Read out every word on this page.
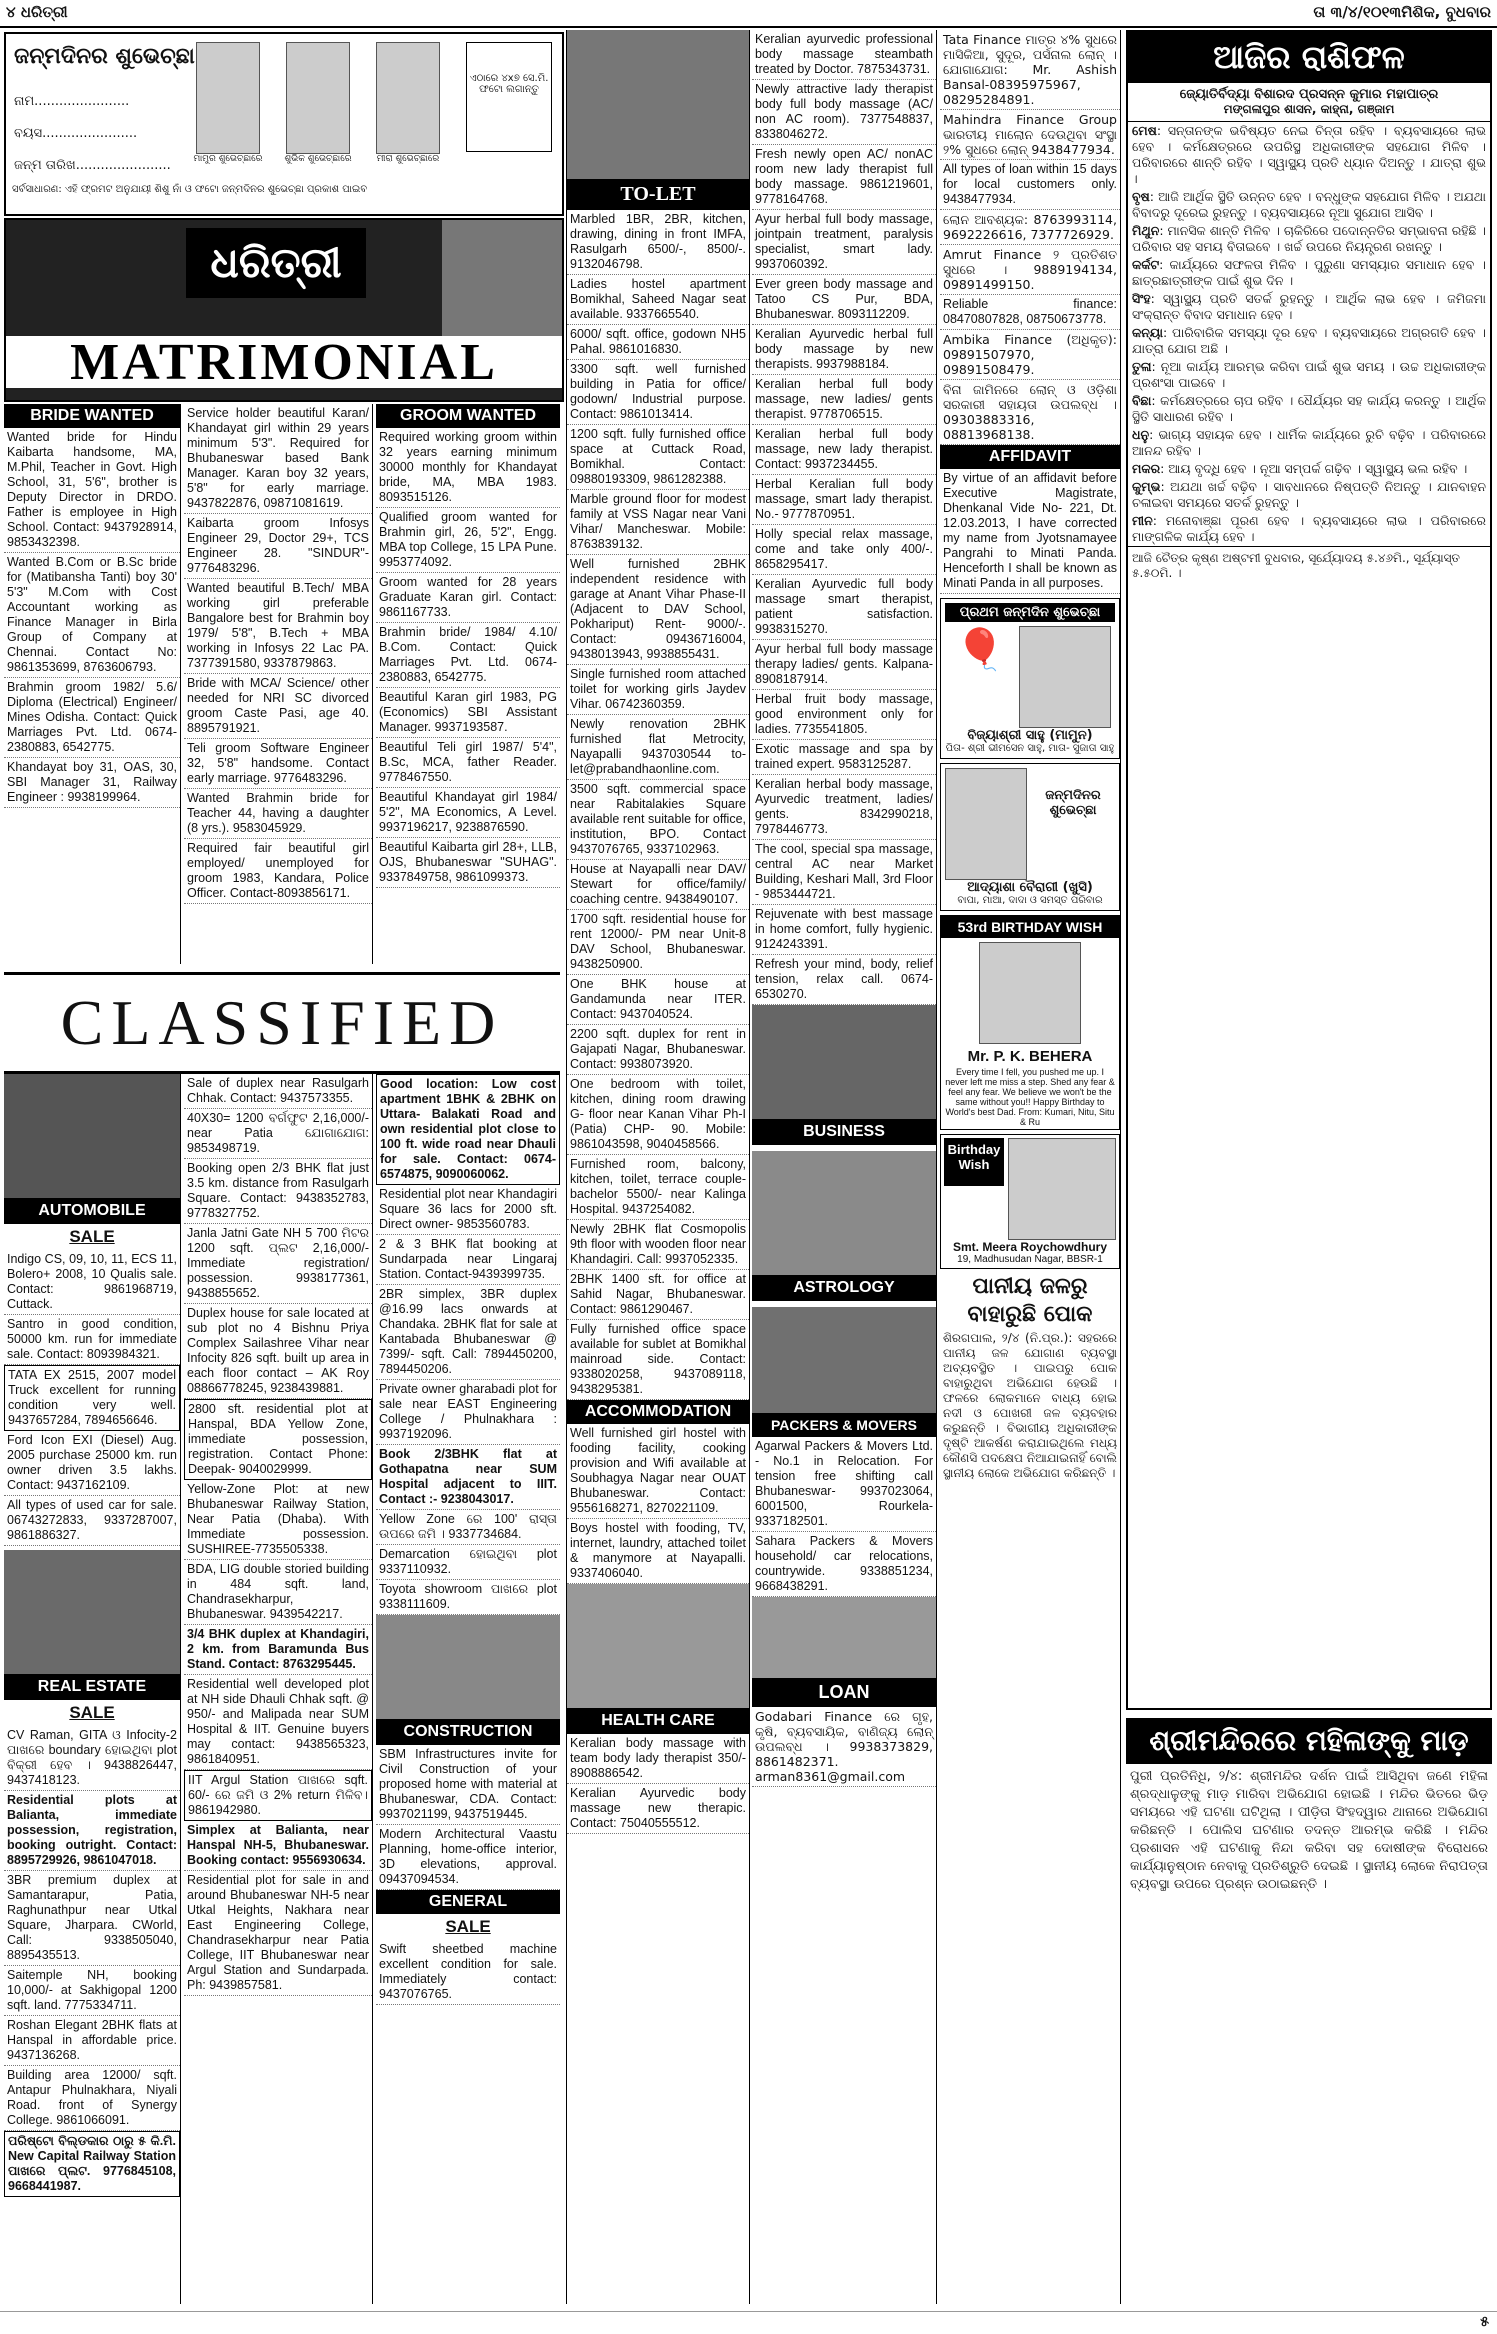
୪ ଧରିତ୍ରୀ	ତା ୩/୪/୧୦୧୩ମିଶିକ, ବୁଧବାର
ଜନ୍ମଦିନର ଶୁଭେଚ୍ଛା
ନାମ.......................
ବୟସ.......................
ଜନ୍ମ ତାରିଖ.......................	ମାମୁର ଶୁଭେଚ୍ଛାରେ	ଶୁଭିକ ଶୁଭେଚ୍ଛାରେ	ମୀରା ଶୁଭେଚ୍ଛାରେ
ଏଠାରେ ୪x୭ ସେ.ମି. ଫଟୋ ଲଗାନ୍ତୁ
ସର୍ବସାଧାରଣ: ଏହି ଫ୍ରମଟ ଅନୁଯାୟୀ ଶିଶୁ ନାଁ ଓ ଫଟୋ ଜନ୍ମଦିନର ଶୁଭେଚ୍ଛା ପ୍ରକାଶ ପାଇବ
ଧରିତ୍ରୀ
MATRIMONIAL
BRIDE WANTED
Wanted bride for Hindu Kaibarta handsome, MA, M.Phil, Teacher in Govt. High School, 31, 5'6", brother is Deputy Director in DRDO. Father is employee in High School. Contact: 9437928914, 9853432398.
Wanted B.Com or B.Sc bride for (Matibansha Tanti) boy 30' 5'3" M.Com with Cost Accountant working as Finance Manager in Birla Group of Company at Chennai. Contact No: 9861353699, 8763606793.
Brahmin groom 1982/ 5.6/ Diploma (Electrical) Engineer/ Mines Odisha. Contact: Quick Marriages Pvt. Ltd. 0674-2380883, 6542775.
Khandayat boy 31, OAS, 30, SBI Manager 31, Railway Engineer : 9938199964.
Service holder beautiful Karan/ Khandayat girl within 29 years minimum 5'3". Required for Bhubaneswar based Bank Manager. Karan boy 32 years, 5'8" for early marriage. 9437822876, 09871081619.
Kaibarta groom Infosys Engineer 29, Doctor 29+, TCS Engineer 28. "SINDUR"- 9776483296.
Wanted beautiful B.Tech/ MBA working girl preferable Bangalore best for Brahmin boy 1979/ 5'8", B.Tech + MBA working in Infosys 22 Lac PA. 7377391580, 9337879863.
Bride with MCA/ Science/ other needed for NRI SC divorced groom Caste Pasi, age 40. 8895791921.
Teli groom Software Engineer 32, 5'8" handsome. Contact early marriage. 9776483296.
Wanted Brahmin bride for Teacher 44, having a daughter (8 yrs.). 9583045929.
Required fair beautiful girl employed/ unemployed for groom 1983, Kandara, Police Officer. Contact-8093856171.
GROOM WANTED
Required working groom within 32 years earning minimum 30000 monthly for Khandayat bride, MA, MBA 1983. 8093515126.
Qualified groom wanted for Brahmin girl, 26, 5'2", Engg. MBA top College, 15 LPA Pune. 9953774092.
Groom wanted for 28 years Graduate Karan girl. Contact: 9861167733.
Brahmin bride/ 1984/ 4.10/ B.Com. Contact: Quick Marriages Pvt. Ltd. 0674-2380883, 6542775.
Beautiful Karan girl 1983, PG (Economics) SBI Assistant Manager. 9937193587.
Beautiful Teli girl 1987/ 5'4", B.Sc, MCA, father Reader. 9778467550.
Beautiful Khandayat girl 1984/ 5'2", MA Economics, A Level. 9937196217, 9238876590.
Beautiful Kaibarta girl 28+, LLB, OJS, Bhubaneswar "SUHAG". 9337849758, 9861099373.
CLASSIFIED
AUTOMOBILE
SALE
Indigo CS, 09, 10, 11, ECS 11, Bolero+ 2008, 10 Qualis sale. Contact: 9861968719, Cuttack.
Santro in good condition, 50000 km. run for immediate sale. Contact: 8093984321.
TATA EX 2515, 2007 model Truck excellent for running condition very well. 9437657284, 7894656646.
Ford Icon EXI (Diesel) Aug. 2005 purchase 25000 km. run owner driven 3.5 lakhs. Contact: 9437162109.
All types of used car for sale. 06743272833, 9337287007, 9861886327.
REAL ESTATE
SALE
CV Raman, GITA ଓ Infocity-2 ପାଖରେ boundary ହୋଇଥିବା plot ବିକ୍ରୀ ହେବ । 9438826447, 9437418123.
Residential plots at Balianta, immediate possession, registration, booking outright. Contact: 8895729926, 9861047018.
3BR premium duplex at Samantarapur, Patia, Raghunathpur near Utkal Square, Jharpara. CWorld, Call: 9338505040, 8895435513.
Saitemple NH, booking 10,000/- at Sakhigopal 1200 sqft. land. 7775334711.
Roshan Elegant 2BHK flats at Hanspal in affordable price. 9437136268.
Building area 12000/ sqft. Antapur Phulnakhara, Niyali Road. front of Synergy College. 9861066091.
ପରିଷ୍ଟୋ ବିଲ୍ଡକାର ଠାରୁ ୫ କି.ମି. New Capital Railway Station ପାଖରେ ପ୍ଲଟ. 9776845108, 9668441987.
Sale of duplex near Rasulgarh Chhak. Contact: 9437573355.
40X30= 1200 ବର୍ଗଫୁଟ 2,16,000/- near Patia ଯୋଗାଯୋଗ: 9853498719.
Booking open 2/3 BHK flat just 3.5 km. distance from Rasulgarh Square. Contact: 9438352783, 9778327752.
Janla Jatni Gate NH 5 700 ମିଟର 1200 sqft. ପ୍ଲଟ 2,16,000/- Immediate registration/ possession. 9938177361, 9438855652.
Duplex house for sale located at sub plot no 4 Bishnu Priya Complex Sailashree Vihar near Infocity 826 sqft. built up area in each floor contact – AK Roy 08866778245, 9238439881.
2800 sft. residential plot at Hanspal, BDA Yellow Zone, immediate possession, registration. Contact Phone: Deepak- 9040029999.
Yellow-Zone Plot: at new Bhubaneswar Railway Station, Near Patia (Dhaba). With Immediate possession. SUSHIREE-7735505338.
BDA, LIG double storied building in 484 sqft. land, Chandrasekharpur, Bhubaneswar. 9439542217.
3/4 BHK duplex at Khandagiri, 2 km. from Baramunda Bus Stand. Contact: 8763295445.
Residential well developed plot at NH side Dhauli Chhak sqft. @ 950/- and Malipada near SUM Hospital & IIT. Genuine buyers may contact: 9438565323, 9861840951.
IIT Argul Station ପାଖରେ sqft. 60/- ରେ ଜମି ଓ 2% return ମିଳିବ। 9861942980.
Simplex at Balianta, near Hanspal NH-5, Bhubaneswar. Booking contact: 9556930634.
Residential plot for sale in and around Bhubaneswar NH-5 near Utkal Heights, Nakhara near East Engineering College, Chandrasekharpur near Patia College, IIT Bhubaneswar near Argul Station and Sundarpada. Ph: 9439857581.
Good location: Low cost apartment 1BHK & 2BHK on Uttara- Balakati Road and own residential plot close to 100 ft. wide road near Dhauli for sale. Contact: 0674-6574875, 9090060062.
Residential plot near Khandagiri Square 36 lacs for 2000 sft. Direct owner- 9853560783.
2 & 3 BHK flat booking at Sundarpada near Lingaraj Station. Contact-9439399735.
2BR simplex, 3BR duplex @16.99 lacs onwards at Chandaka. 2BHK flat for sale at Kantabada Bhubaneswar @ 7399/- sqft. Call: 7894450200, 7894450206.
Private owner gharabadi plot for sale near EAST Engineering College / Phulnakhara : 9937192096.
Book 2/3BHK flat at Gothapatna near SUM Hospital adjacent to IIIT. Contact :- 9238043017.
Yellow Zone ରେ 100' ରାସ୍ତା ଉପରେ ଜମି । 9337734684.
Demarcation ହୋଇଥିବା plot 9337110932.
Toyota showroom ପାଖରେ plot 9338111609.
CONSTRUCTION
SBM Infrastructures invite for Civil Construction of your proposed home with material at Bhubaneswar, CDA. Contact: 9937021199, 9437519445.
Modern Architectural Vaastu Planning, home-office interior, 3D elevations, approval. 09437094534.
GENERAL
SALE
Swift sheetbed machine excellent condition for sale. Immediately contact: 9437076765.
TO-LET
Marbled 1BR, 2BR, kitchen, drawing, dining in front IMFA, Rasulgarh 6500/-, 8500/-. 9132046798.
Ladies hostel apartment Bomikhal, Saheed Nagar seat available. 9337665540.
6000/ sqft. office, godown NH5 Pahal. 9861016830.
3300 sqft. well furnished building in Patia for office/ godown/ Industrial purpose. Contact: 9861013414.
1200 sqft. fully furnished office space at Cuttack Road, Bomikhal. Contact: 09880193309, 9861282388.
Marble ground floor for modest family at VSS Nagar near Vani Vihar/ Mancheswar. Mobile: 8763839132.
Well furnished 2BHK independent residence with garage at Anant Vihar Phase-II (Adjacent to DAV School, Pokhariput) Rent- 9000/-. Contact: 09436716004, 9438013943, 9938855431.
Single furnished room attached toilet for working girls Jaydev Vihar. 06742360359.
Newly renovation 2BHK furnished flat Metrocity, Nayapalli 9437030544 to-let@prabandhaonline.com.
3500 sqft. commercial space near Rabitalakies Square available rent suitable for office, institution, BPO. Contact 9437076765, 9337102963.
House at Nayapalli near DAV/ Stewart for office/family/ coaching centre. 9438490107.
1700 sqft. residential house for rent 12000/- PM near Unit-8 DAV School, Bhubaneswar. 9438250900.
One BHK house at Gandamunda near ITER. Contact: 9437040524.
2200 sqft. duplex for rent in Gajapati Nagar, Bhubaneswar. Contact: 9938073920.
One bedroom with toilet, kitchen, dining room drawing G- floor near Kanan Vihar Ph-I (Patia) CHP- 90. Mobile: 9861043598, 9040458566.
Furnished room, balcony, kitchen, toilet, terrace couple-bachelor 5500/- near Kalinga Hospital. 9437254082.
Newly 2BHK flat Cosmopolis 9th floor with wooden floor near Khandagiri. Call: 9937052335.
2BHK 1400 sft. for office at Sahid Nagar, Bhubaneswar. Contact: 9861290467.
Fully furnished office space available for sublet at Bomikhal mainroad side. Contact: 9338020258, 9437089118, 9438295381.
ACCOMMODATION
Well furnished girl hostel with fooding facility, cooking provision and Wifi available at Soubhagya Nagar near OUAT Bhubaneswar. Contact: 9556168271, 8270221109.
Boys hostel with fooding, TV, internet, laundry, attached toilet & manymore at Nayapalli. 9337406040.
HEALTH CARE
Keralian body massage with team body lady therapist 350/- 8908886542.
Keralian Ayurvedic body massage new therapic. Contact: 75040555512.
Keralian ayurvedic professional body massage steambath treated by Doctor. 7875343731.
Newly attractive lady therapist body full body massage (AC/ non AC room). 7377548837, 8338046272.
Fresh newly open AC/ nonAC room new lady therapist full body massage. 9861219601, 9778164768.
Ayur herbal full body massage, jointpain treatment, paralysis specialist, smart lady. 9937060392.
Ever green body massage and Tatoo CS Pur, BDA, Bhubaneswar. 8093112209.
Keralian Ayurvedic herbal full body massage by new therapists. 9937988184.
Keralian herbal full body massage, new ladies/ gents therapist. 9778706515.
Keralian herbal full body massage, new lady therapist. Contact: 9937234455.
Herbal Keralian full body massage, smart lady therapist. No.- 9777870951.
Holly special relax massage, come and take only 400/-. 8658295417.
Keralian Ayurvedic full body massage smart therapist, patient satisfaction. 9938315270.
Ayur herbal full body massage therapy ladies/ gents. Kalpana- 8908187914.
Herbal fruit body massage, good environment only for ladies. 7735541805.
Exotic massage and spa by trained expert. 9583125287.
Keralian herbal body massage, Ayurvedic treatment, ladies/ gents. 8342990218, 7978446773.
The cool, special spa massage, central AC near Market Building, Keshari Mall, 3rd Floor - 9853444721.
Rejuvenate with best massage in home comfort, fully hygienic. 9124243391.
Refresh your mind, body, relief tension, relax call. 0674-6530270.
BUSINESS
ASTROLOGY
PACKERS & MOVERS
Agarwal Packers & Movers Ltd. - No.1 in Relocation. For tension free shifting call Bhubaneswar- 9937023064, 6001500, Rourkela-9337182501.
Sahara Packers & Movers household/ car relocations, countrywide. 9338851234, 9668438291.
LOAN
Godabari Finance ରେ ଗୃହ, କୃଷି, ବ୍ୟବସାୟିକ, ବାଣିଜ୍ୟ ଲୋନ୍ ଉପଲବ୍ଧ । 9938373829, 8861482371. arman8361@gmail.com
Tata Finance ମାତ୍ର ୪% ସୁଧରେ ମାସିକିଆ, ସୁଦୂର, ପର୍ସନାଲ ଲୋନ୍ । ଯୋଗାଯୋଗ: Mr. Ashish Bansal-08395975967, 08295284891.
Mahindra Finance Group ଭାରତୀୟ ମାଲୋନ ଦେଉଥିବା ସଂସ୍ଥା ୨% ସୁଧରେ ଲୋନ୍ 9438477934.
All types of loan within 15 days for local customers only. 9438477934.
ଲୋନ ଆବଶ୍ୟକ: 8763993114, 9692226616, 7377726929.
Amrut Finance ୨ ପ୍ରତିଶତ ସୁଧରେ । 9889194134, 09891499150.
Reliable finance: 08470807828, 08750673778.
Ambika Finance (ଅଧିକୃତ): 09891507970, 09891508479.
ବିନା ଜାମିନରେ ଲୋନ୍ ଓ ଓଡ଼ିଶା ସରକାରୀ ସହାୟତା ଉପଲବ୍ଧ । 09303883316, 08813968138.
AFFIDAVIT
By virtue of an affidavit before Executive Magistrate, Dhenkanal Vide No- 221, Dt. 12.03.2013, I have corrected my name from Jyotsnamayee Pangrahi to Minati Panda. Henceforth I shall be known as Minati Panda in all purposes.
ପ୍ରଥମ ଜନ୍ମଦିନ ଶୁଭେଚ୍ଛା
🎈
ବିଜ୍ୟାଶ୍ରୀ ସାହୁ (ମାମୁନ)
ପିତା- ଶ୍ରୀ ଭୀମସେନ ସାହୁ, ମାତା- ସୁଜାତା ସାହୁ
ଜନ୍ମଦିନର ଶୁଭେଚ୍ଛା
ଆଦ୍ୟାଶା ବୈରାଗୀ (ଖୁସି)
ବାପା, ମାଆ, ଦାଦା ଓ ସମସ୍ତ ପରିବାର
53rd BIRTHDAY WISH
Mr. P. K. BEHERA
Every time I fell, you pushed me up. I never left me miss a step. Shed any fear & feel any fear. We believe we won't be the same without you!! Happy Birthday to World's best Dad. From: Kumari, Nitu, Situ & Ru
Birthday Wish
Smt. Meera Roychowdhury
19, Madhusudan Nagar, BBSR-1
ପାନୀୟ ଜଳରୁ ବାହାରୁଛି ପୋକ
ଶିରଗପାଲ, ୨/୪ (ନି.ପ୍ର.): ସହରରେ ପାନୀୟ ଜଳ ଯୋଗାଣ ବ୍ୟବସ୍ଥା ଅବ୍ୟବସ୍ଥିତ । ପାଇପରୁ ପୋକ ବାହାରୁଥିବା ଅଭିଯୋଗ ହେଉଛି । ଫଳରେ ଲୋକମାନେ ବାଧ୍ୟ ହୋଇ ନଦୀ ଓ ପୋଖରୀ ଜଳ ବ୍ୟବହାର କରୁଛନ୍ତି । ବିଭାଗୀୟ ଅଧିକାରୀଙ୍କ ଦୃଷ୍ଟି ଆକର୍ଷଣ କରାଯାଇଥିଲେ ମଧ୍ୟ କୌଣସି ପଦକ୍ଷେପ ନିଆଯାଇନାହିଁ ବୋଲି ସ୍ଥାନୀୟ ଲୋକେ ଅଭିଯୋଗ କରିଛନ୍ତି ।
ଆଜିର ରାଶିଫଳ
ଜ୍ୟୋତିର୍ବିଦ୍ୟା ବିଶାରଦ ପ୍ରସନ୍ନ କୁମାର ମହାପାତ୍ର
ମଙ୍ଗଳାପୁର ଶାସନ, କାହ୍ନା, ଗଞ୍ଜାମ

ମେଷ: ସନ୍ତାନଙ୍କ ଭବିଷ୍ୟତ ନେଇ ଚିନ୍ତା ରହିବ । ବ୍ୟବସାୟରେ ଲାଭ ହେବ । କର୍ମକ୍ଷେତ୍ରରେ ଉପରିସ୍ଥ ଅଧିକାରୀଙ୍କ ସହଯୋଗ ମିଳିବ । ପରିବାରରେ ଶାନ୍ତି ରହିବ । ସ୍ୱାସ୍ଥ୍ୟ ପ୍ରତି ଧ୍ୟାନ ଦିଅନ୍ତୁ । ଯାତ୍ରା ଶୁଭ ।

ବୃଷ: ଆଜି ଆର୍ଥିକ ସ୍ଥିତି ଉନ୍ନତ ହେବ । ବନ୍ଧୁଙ୍କ ସହଯୋଗ ମିଳିବ । ଅଯଥା ବିବାଦରୁ ଦୂରେଇ ରୁହନ୍ତୁ । ବ୍ୟବସାୟରେ ନୂଆ ସୁଯୋଗ ଆସିବ ।

ମିଥୁନ: ମାନସିକ ଶାନ୍ତି ମିଳିବ । ଚାକିରିରେ ପଦୋନ୍ନତିର ସମ୍ଭାବନା ରହିଛି । ପରିବାର ସହ ସମୟ ବିତାଇବେ । ଖର୍ଚ୍ଚ ଉପରେ ନିୟନ୍ତ୍ରଣ ରଖନ୍ତୁ ।

କର୍କଟ: କାର୍ଯ୍ୟରେ ସଫଳତା ମିଳିବ । ପୁରୁଣା ସମସ୍ୟାର ସମାଧାନ ହେବ । ଛାତ୍ରଛାତ୍ରୀଙ୍କ ପାଇଁ ଶୁଭ ଦିନ ।

ସିଂହ: ସ୍ୱାସ୍ଥ୍ୟ ପ୍ରତି ସତର୍କ ରୁହନ୍ତୁ । ଆର୍ଥିକ ଲାଭ ହେବ । ଜମିଜମା ସଂକ୍ରାନ୍ତ ବିବାଦ ସମାଧାନ ହେବ ।

କନ୍ୟା: ପାରିବାରିକ ସମସ୍ୟା ଦୂର ହେବ । ବ୍ୟବସାୟରେ ଅଗ୍ରଗତି ହେବ । ଯାତ୍ରା ଯୋଗ ଅଛି ।

ତୁଳା: ନୂଆ କାର୍ଯ୍ୟ ଆରମ୍ଭ କରିବା ପାଇଁ ଶୁଭ ସମୟ । ଉଚ୍ଚ ଅଧିକାରୀଙ୍କ ପ୍ରଶଂସା ପାଇବେ ।

ବିଛା: କର୍ମକ୍ଷେତ୍ରରେ ଚାପ ରହିବ । ଧୈର୍ଯ୍ୟର ସହ କାର୍ଯ୍ୟ କରନ୍ତୁ । ଆର୍ଥିକ ସ୍ଥିତି ସାଧାରଣ ରହିବ ।

ଧନୁ: ଭାଗ୍ୟ ସହାୟକ ହେବ । ଧାର୍ମିକ କାର୍ଯ୍ୟରେ ରୁଚି ବଢ଼ିବ । ପରିବାରରେ ଆନନ୍ଦ ରହିବ ।

ମକର: ଆୟ ବୃଦ୍ଧି ହେବ । ନୂଆ ସମ୍ପର୍କ ଗଢ଼ିବ । ସ୍ୱାସ୍ଥ୍ୟ ଭଲ ରହିବ ।

କୁମ୍ଭ: ଅଯଥା ଖର୍ଚ୍ଚ ବଢ଼ିବ । ସାବଧାନରେ ନିଷ୍ପତ୍ତି ନିଅନ୍ତୁ । ଯାନବାହନ ଚଳାଇବା ସମୟରେ ସତର୍କ ରୁହନ୍ତୁ ।

ମୀନ: ମନୋବାଞ୍ଛା ପୂରଣ ହେବ । ବ୍ୟବସାୟରେ ଲାଭ । ପରିବାରରେ ମାଙ୍ଗଳିକ କାର୍ଯ୍ୟ ହେବ ।

ଆଜି ଚୈତ୍ର କୃଷ୍ଣ ଅଷ୍ଟମୀ ବୁଧବାର, ସୂର୍ଯ୍ୟୋଦୟ ୫.୪୬ମି., ସୂର୍ଯ୍ୟାସ୍ତ ୫.୫୦ମି. ।
ଶ୍ରୀମନ୍ଦିରରେ ମହିଳାଙ୍କୁ ମାଡ଼
ପୁରୀ ପ୍ରତିନିଧି, ୨/୪: ଶ୍ରୀମନ୍ଦିର ଦର୍ଶନ ପାଇଁ ଆସିଥିବା ଜଣେ ମହିଳା ଶ୍ରଦ୍ଧାଳୁଙ୍କୁ ମାଡ଼ ମାରିବା ଅଭିଯୋଗ ହୋଇଛି । ମନ୍ଦିର ଭିତରେ ଭିଡ଼ ସମୟରେ ଏହି ଘଟଣା ଘଟିଥିଲା । ପୀଡ଼ିତା ସିଂହଦ୍ୱାର ଥାନାରେ ଅଭିଯୋଗ କରିଛନ୍ତି । ପୋଲିସ ଘଟଣାର ତଦନ୍ତ ଆରମ୍ଭ କରିଛି । ମନ୍ଦିର ପ୍ରଶାସନ ଏହି ଘଟଣାକୁ ନିନ୍ଦା କରିବା ସହ ଦୋଷୀଙ୍କ ବିରୋଧରେ କାର୍ଯ୍ୟାନୁଷ୍ଠାନ ନେବାକୁ ପ୍ରତିଶ୍ରୁତି ଦେଇଛି । ସ୍ଥାନୀୟ ଲୋକେ ନିରାପତ୍ତା ବ୍ୟବସ୍ଥା ଉପରେ ପ୍ରଶ୍ନ ଉଠାଇଛନ୍ତି ।
୫
